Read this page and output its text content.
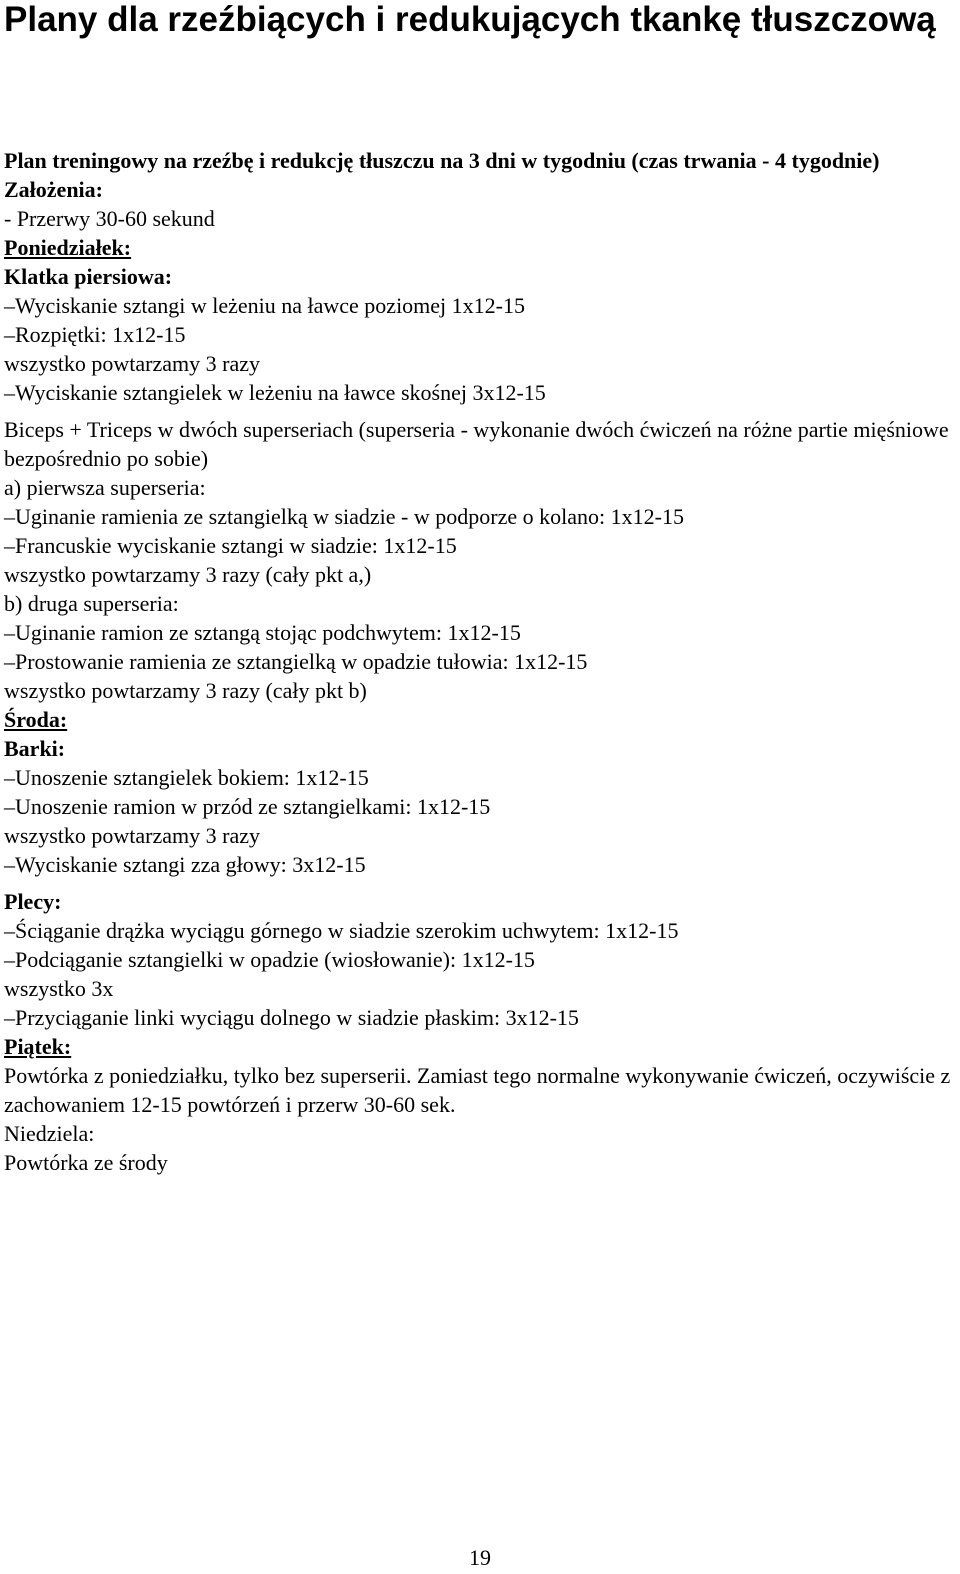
Plany dla rzeźbiących i redukujących tkankę tłuszczową
Plan treningowy na rzeźbę i redukcję tłuszczu na 3 dni w tygodniu (czas trwania - 4 tygodnie)
Założenia:
- Przerwy 30-60 sekund
Poniedziałek:
Klatka piersiowa:
–Wyciskanie sztangi w leżeniu na ławce poziomej 1x12-15
–Rozpiętki: 1x12-15
wszystko powtarzamy 3 razy
–Wyciskanie sztangielek w leżeniu na ławce skośnej 3x12-15
Biceps + Triceps w dwóch superseriach (superseria - wykonanie dwóch ćwiczeń na różne partie mięśniowe bezpośrednio po sobie)
a) pierwsza superseria:
–Uginanie ramienia ze sztangielką w siadzie - w podporze o kolano: 1x12-15
–Francuskie wyciskanie sztangi w siadzie: 1x12-15
wszystko powtarzamy 3 razy (cały pkt a,)
b) druga superseria:
–Uginanie ramion ze sztangą stojąc podchwytem: 1x12-15
–Prostowanie ramienia ze sztangielką w opadzie tułowia: 1x12-15
wszystko powtarzamy 3 razy (cały pkt b)
Środa:
Barki:
–Unoszenie sztangielek bokiem: 1x12-15
–Unoszenie ramion w przód ze sztangielkami: 1x12-15
wszystko powtarzamy 3 razy
–Wyciskanie sztangi zza głowy: 3x12-15
Plecy:
–Ściąganie drążka wyciągu górnego w siadzie szerokim uchwytem: 1x12-15
–Podciąganie sztangielki w opadzie (wiosłowanie): 1x12-15
wszystko 3x
–Przyciąganie linki wyciągu dolnego w siadzie płaskim: 3x12-15
Piątek:
Powtórka z poniedziałku, tylko bez superserii. Zamiast tego normalne wykonywanie ćwiczeń, oczywiście z zachowaniem 12-15 powtórzeń i przerw 30-60 sek.
Niedziela:
Powtórka ze środy
19
